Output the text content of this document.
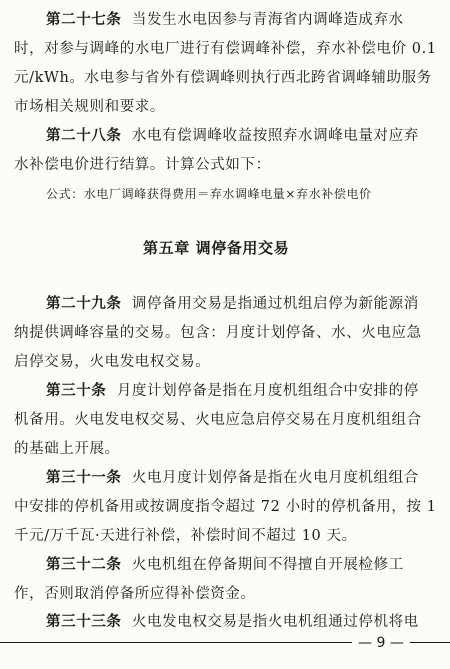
第二十七条 当发生水电因参与青海省内调峰造成弃水
时，对参与调峰的水电厂进行有偿调峰补偿，弃水补偿电价 0.1
元/kWh。水电参与省外有偿调峰则执行西北跨省调峰辅助服务
市场相关规则和要求。
第二十八条 水电有偿调峰收益按照弃水调峰电量对应弃
水补偿电价进行结算。计算公式如下：
公式：水电厂调峰获得费用＝弃水调峰电量×弃水补偿电价
第五章 调停备用交易
第二十九条 调停备用交易是指通过机组启停为新能源消
纳提供调峰容量的交易。包含：月度计划停备、水、火电应急
启停交易，火电发电权交易。
第三十条 月度计划停备是指在月度机组组合中安排的停
机备用。火电发电权交易、火电应急启停交易在月度机组组合
的基础上开展。
第三十一条 火电月度计划停备是指在火电月度机组组合
中安排的停机备用或按调度指令超过 72 小时的停机备用，按 1
千元/万千瓦·天进行补偿，补偿时间不超过 10 天。
第三十二条 火电机组在停备期间不得擅自开展检修工
作，否则取消停备所应得补偿资金。
第三十三条 火电发电权交易是指火电机组通过停机将电
— 9 —
